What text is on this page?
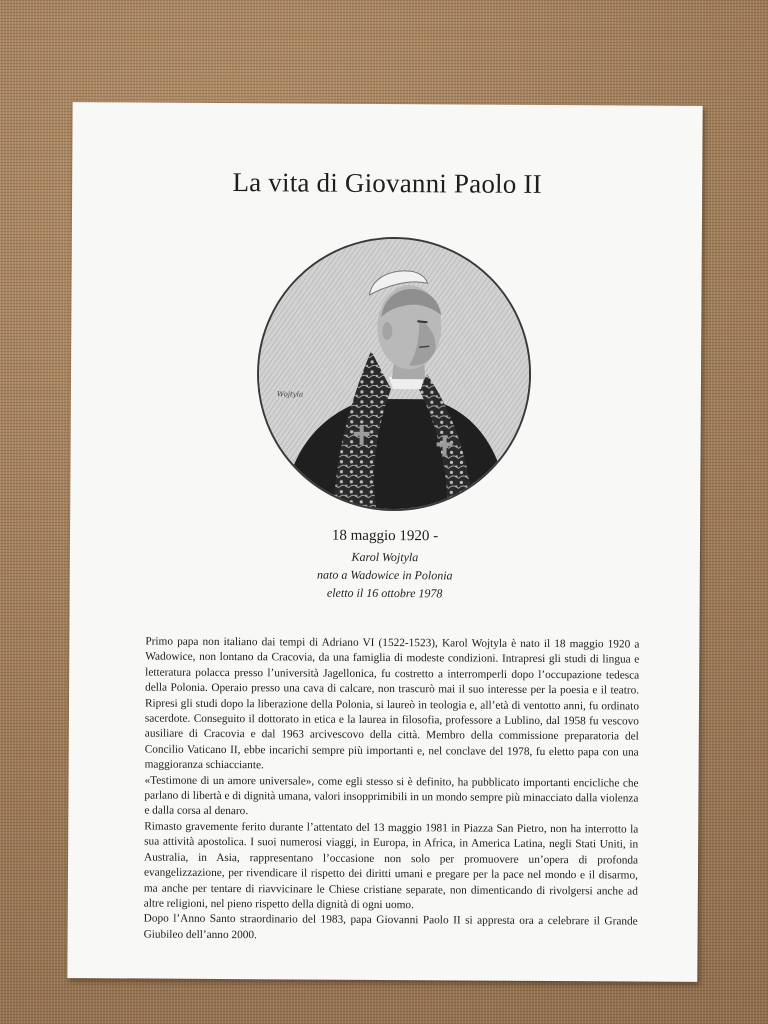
La vita di Giovanni Paolo II
Wojtyla
18 maggio 1920 -
Karol Wojtyla
nato a Wadowice in Polonia
eletto il 16 ottobre 1978

Primo papa non italiano dai tempi di Adriano VI (1522-1523), Karol Wojtyla è nato il 18 maggio 1920 a Wadowice, non lontano da Cracovia, da una famiglia di modeste condizioni. Intrapresi gli studi di lingua e letteratura polacca presso l’università Jagellonica, fu costretto a interromperli dopo l’occupazione tedesca della Polonia. Operaio presso una cava di calcare, non trascurò mai il suo interesse per la poesia e il teatro. Ripresi gli studi dopo la liberazione della Polonia, si laureò in teologia e, all’età di ventotto anni, fu ordinato sacerdote. Conseguito il dottorato in etica e la laurea in filosofia, professore a Lublino, dal 1958 fu vescovo ausiliare di Cracovia e dal 1963 arcivescovo della città. Membro della commissione preparatoria del Concilio Vaticano II, ebbe incarichi sempre più importanti e, nel conclave del 1978, fu eletto papa con una maggioranza schiacciante.

«Testimone di un amore universale», come egli stesso si è definito, ha pubblicato importanti encicliche che parlano di libertà e di dignità umana, valori insopprimibili in un mondo sempre più minacciato dalla violenza e dalla corsa al denaro.

Rimasto gravemente ferito durante l’attentato del 13 maggio 1981 in Piazza San Pietro, non ha interrotto la sua attività apostolica. I suoi numerosi viaggi, in Europa, in Africa, in America Latina, negli Stati Uniti, in Australia, in Asia, rappresentano l’occasione non solo per promuovere un’opera di profonda evangelizzazione, per rivendicare il rispetto dei diritti umani e pregare per la pace nel mondo e il disarmo, ma anche per tentare di riavvicinare le Chiese cristiane separate, non dimenticando di rivolgersi anche ad altre religioni, nel pieno rispetto della dignità di ogni uomo.

Dopo l’Anno Santo straordinario del 1983, papa Giovanni Paolo II si appresta ora a celebrare il Grande Giubileo dell’anno 2000.
